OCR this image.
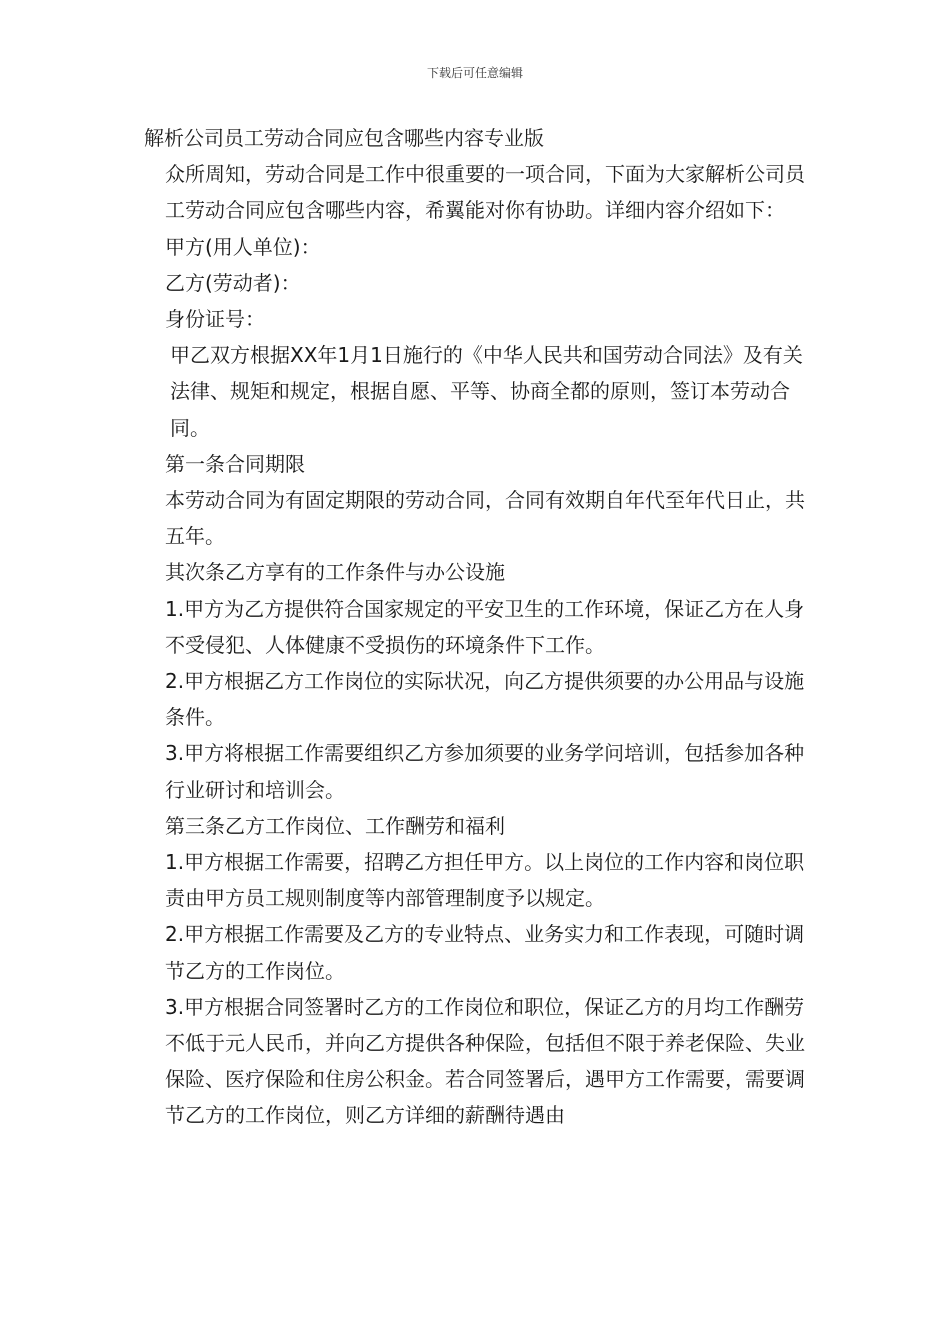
下载后可任意编辑

解析公司员工劳动合同应包含哪些内容专业版

众所周知，劳动合同是工作中很重要的一项合同，下面为大家解析公司员工劳动合同应包含哪些内容，希翼能对你有协助。详细内容介绍如下：

甲方(用人单位)：

乙方(劳动者)：

身份证号：

甲乙双方根据XX年1月1日施行的《中华人民共和国劳动合同法》及有关法律、规矩和规定，根据自愿、平等、协商全都的原则，签订本劳动合同。

第一条合同期限

本劳动合同为有固定期限的劳动合同，合同有效期自年代至年代日止，共五年。

其次条乙方享有的工作条件与办公设施

1.甲方为乙方提供符合国家规定的平安卫生的工作环境，保证乙方在人身不受侵犯、人体健康不受损伤的环境条件下工作。

2.甲方根据乙方工作岗位的实际状况，向乙方提供须要的办公用品与设施条件。

3.甲方将根据工作需要组织乙方参加须要的业务学问培训，包括参加各种行业研讨和培训会。

第三条乙方工作岗位、工作酬劳和福利

1.甲方根据工作需要，招聘乙方担任甲方。以上岗位的工作内容和岗位职责由甲方员工规则制度等内部管理制度予以规定。

2.甲方根据工作需要及乙方的专业特点、业务实力和工作表现，可随时调节乙方的工作岗位。

3.甲方根据合同签署时乙方的工作岗位和职位，保证乙方的月均工作酬劳不低于元人民币，并向乙方提供各种保险，包括但不限于养老保险、失业保险、医疗保险和住房公积金。若合同签署后，遇甲方工作需要，需要调节乙方的工作岗位，则乙方详细的薪酬待遇由
